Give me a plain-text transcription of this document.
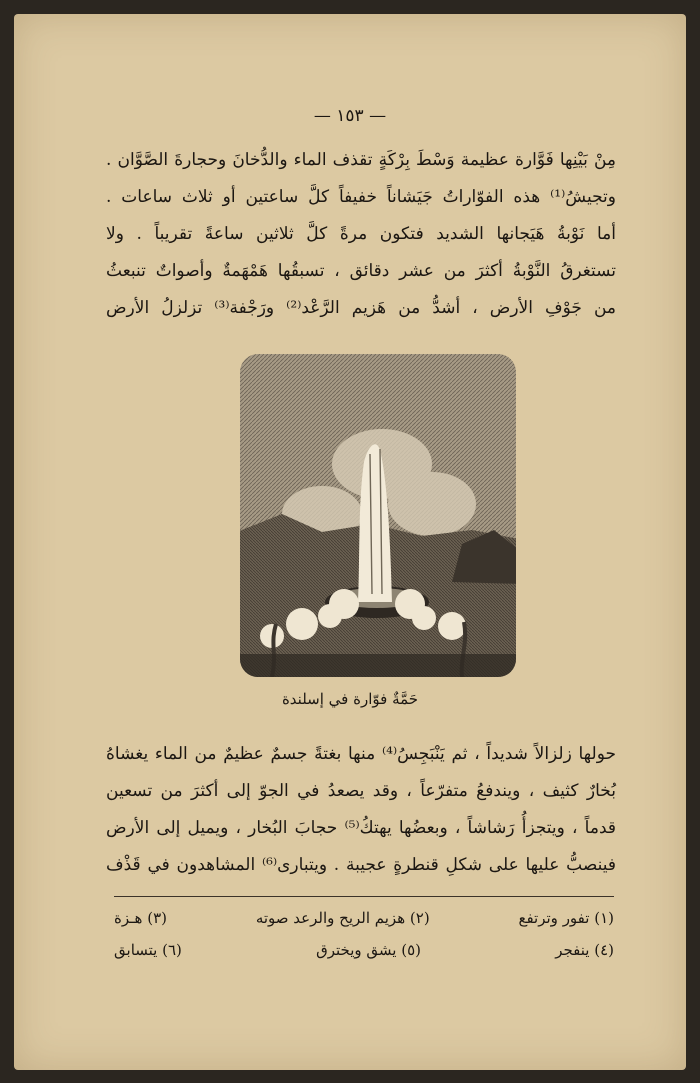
— ١٥٣ —
مِنْ بَيْنِها فَوَّارة عظيمة وَسْطَ بِرْكَةٍ تقذف الماء والدُّخانَ وحجارةَ الصَّوَّان .
وتجيشُ⁽¹⁾ هذه الفوّاراتُ جَيَشاناً خفيفاً كلَّ ساعتين أو ثلاث ساعات .
أما نَوْبةُ هَيَجانها الشديد فتكون مرةً كلَّ ثلاثين ساعةً تقريباً . ولا
تستغرقُ النَّوْبةُ أكثرَ من عشر دقائق ، تسبقُها هَمْهَمةٌ وأصواتٌ تنبعثُ
من جَوْفِ الأرض ، أشدُّ من هَزيم الرَّعْد⁽²⁾ ورَجْفة⁽³⁾ تزلزلُ الأرض
حَمَّةٌ فوّارة في إسلندة
حولها زلزالاً شديداً ، ثم يَنْبَجِسُ⁽⁴⁾ منها بغتةً جسمٌ عظيمٌ من الماء يغشاهُ
بُخارٌ كثيف ، ويندفعُ متفرّعاً ، وقد يصعدُ في الجوّ إلى أكثرَ من تسعين
قدماً ، ويتجزأُ رَشاشاً ، وبعضُها يهتكُ⁽⁵⁾ حجابَ البُخار ، ويميل إلى الأرض
فينصبُّ عليها على شكلِ قنطرةٍ عجيبة . ويتبارى⁽⁶⁾ المشاهدون في قَذْف
(١) تفور وترتفع
(٢) هزيم الريح والرعد صوته
(٣) هـزة
(٤) ينفجر
(٥) يشق ويخترق
(٦) يتسابق
